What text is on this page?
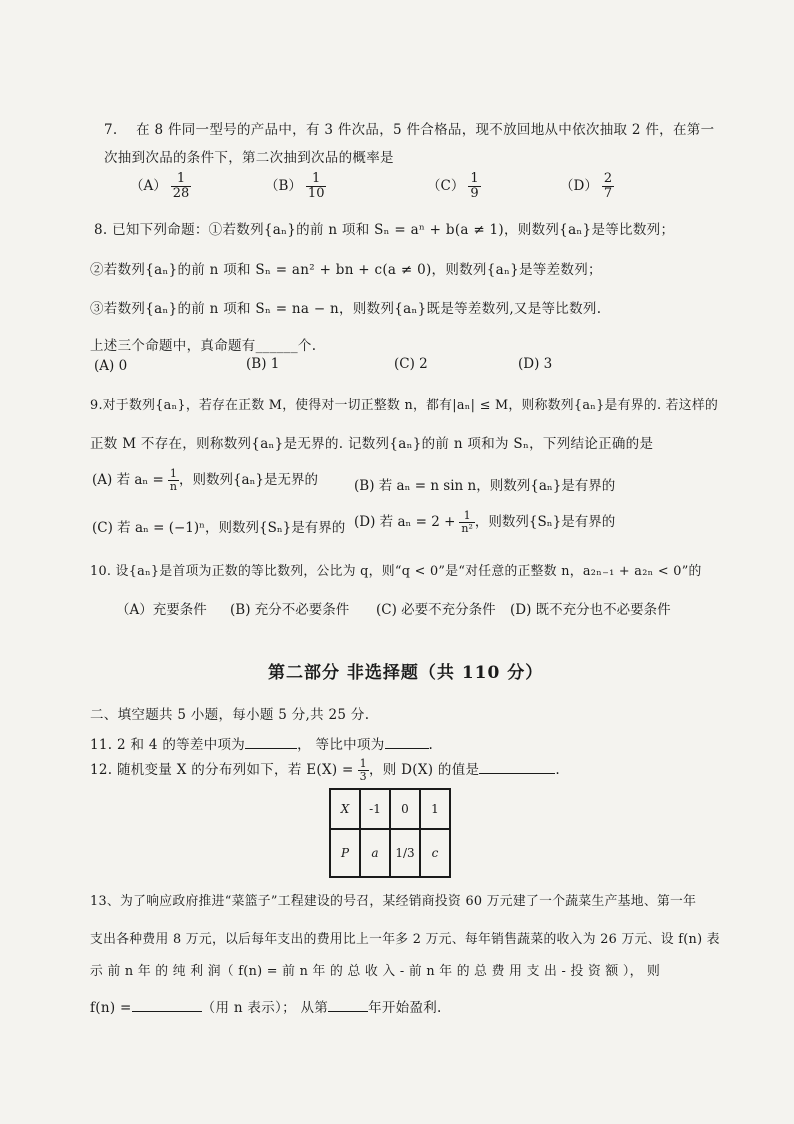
7. 在 8 件同一型号的产品中，有 3 件次品，5 件合格品，现不放回地从中依次抽取 2 件，在第一
次抽到次品的条件下，第二次抽到次品的概率是
$(A) \frac{1}{28}$	$(B) \frac{1}{10}$	$(C) \frac{1}{9}$	$(D) \frac{2}{7}$
8. 已知下列命题：①若数列{aₙ}的前 n 项和 Sₙ = aⁿ + b(a ≠ 1)，则数列{aₙ}是等比数列；
②若数列{aₙ}的前 n 项和 Sₙ = an² + bn + c(a ≠ 0)，则数列{aₙ}是等差数列；
③若数列{aₙ}的前 n 项和 Sₙ = na − n，则数列{aₙ}既是等差数列,又是等比数列.
上述三个命题中，真命题有______个.
(A) 0	(B) 1	(C) 2	(D) 3
9.对于数列{aₙ}，若存在正数 M，使得对一切正整数 n，都有|aₙ| ≤ M，则称数列{aₙ}是有界的. 若这样的
正数 M 不存在，则称数列{aₙ}是无界的. 记数列{aₙ}的前 n 项和为 Sₙ，下列结论正确的是
(A) 若 $a_n = \frac{1}{n}$ ，则数列{aₙ}是无界的	(B) 若 aₙ = n sin n，则数列{aₙ}是有界的
(C) 若 aₙ = (−1)ⁿ，则数列{Sₙ}是有界的 (D) 若 $a_n = 2 + \frac{1}{\text{n²}}$ ，则数列{Sₙ}是有界的
10. 设{aₙ}是首项为正数的等比数列，公比为 q，则“q < 0”是“对任意的正整数 n，a₂ₙ₋₁ + a₂ₙ < 0”的
（A）充要条件 (B) 充分不必要条件 (C) 必要不充分条件 (D) 既不充分也不必要条件
第二部分 非选择题（共 110 分）
二、填空题共 5 小题，每小题 5 分,共 25 分.
11. 2 和 4 的等差中项为	， 等比中项为	.
12. 随机变量 X 的分布列如下，若 $E(X) = \frac{1}{3}$ ，则 D(X) 的值是	.
X	-1	0	1
P	a	1/3	c
13、为了响应政府推进“菜篮子”工程建设的号召，某经销商投资 60 万元建了一个蔬菜生产基地、第一年
支出各种费用 8 万元，以后每年支出的费用比上一年多 2 万元、每年销售蔬菜的收入为 26 万元、设 f(n) 表
示 前 n 年 的 纯 利 润（ f(n) = 前 n 年 的 总 收 入 - 前 n 年 的 总 费 用 支 出 - 投 资 额 ）， 则
f(n) =	（用 n 表示）； 从第	年开始盈利.
